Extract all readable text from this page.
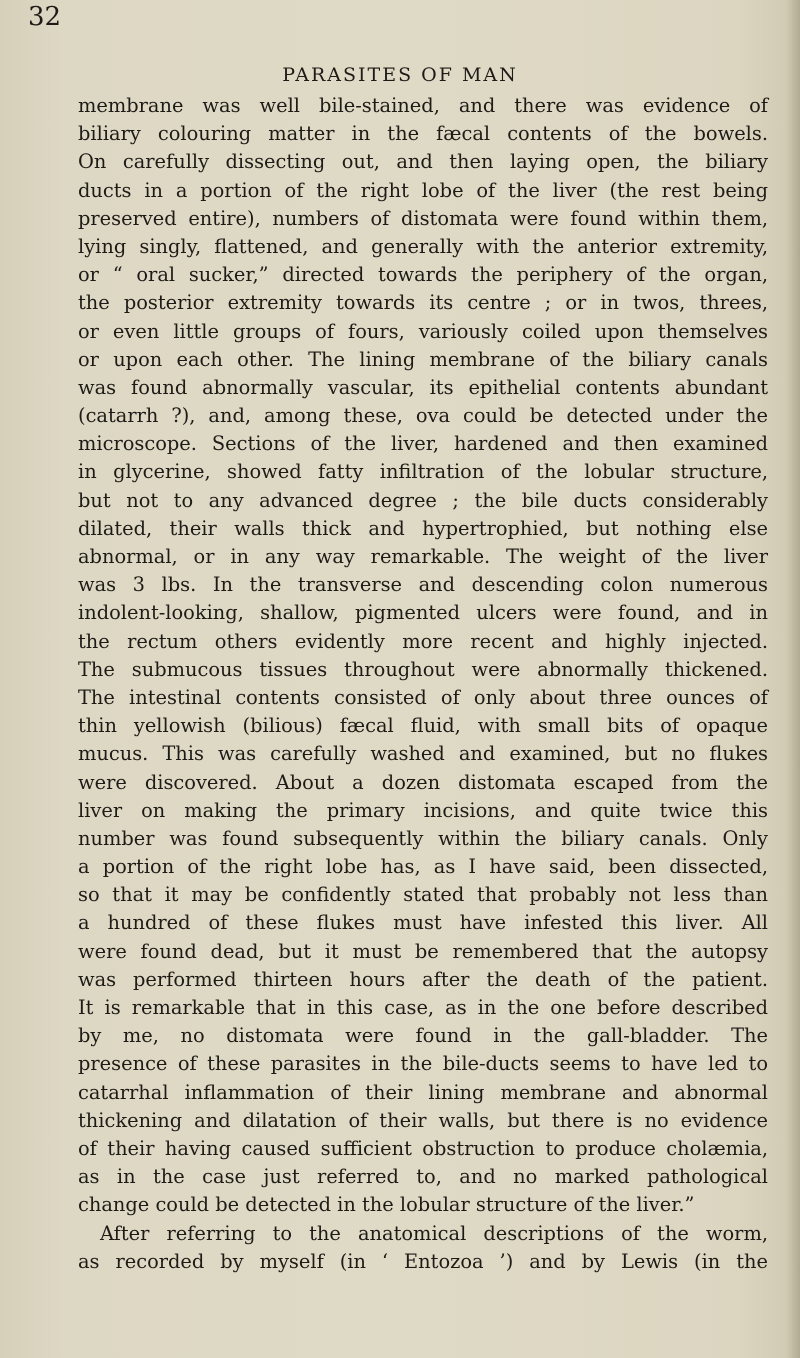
32
PARASITES OF MAN
membrane was well bile-stained, and there was evidence of
biliary colouring matter in the fæcal contents of the bowels.
On carefully dissecting out, and then laying open, the biliary
ducts in a portion of the right lobe of the liver (the rest being
preserved entire), numbers of distomata were found within them,
lying singly, flattened, and generally with the anterior extremity,
or “ oral sucker,” directed towards the periphery of the organ,
the posterior extremity towards its centre ; or in twos, threes,
or even little groups of fours, variously coiled upon themselves
or upon each other. The lining membrane of the biliary canals
was found abnormally vascular, its epithelial contents abundant
(catarrh ?), and, among these, ova could be detected under the
microscope. Sections of the liver, hardened and then examined
in glycerine, showed fatty infiltration of the lobular structure,
but not to any advanced degree ; the bile ducts considerably
dilated, their walls thick and hypertrophied, but nothing else
abnormal, or in any way remarkable. The weight of the liver
was 3 lbs. In the transverse and descending colon numerous
indolent-looking, shallow, pigmented ulcers were found, and in
the rectum others evidently more recent and highly injected.
The submucous tissues throughout were abnormally thickened.
The intestinal contents consisted of only about three ounces of
thin yellowish (bilious) fæcal fluid, with small bits of opaque
mucus. This was carefully washed and examined, but no flukes
were discovered. About a dozen distomata escaped from the
liver on making the primary incisions, and quite twice this
number was found subsequently within the biliary canals. Only
a portion of the right lobe has, as I have said, been dissected,
so that it may be confidently stated that probably not less than
a hundred of these flukes must have infested this liver. All
were found dead, but it must be remembered that the autopsy
was performed thirteen hours after the death of the patient.
It is remarkable that in this case, as in the one before described
by me, no distomata were found in the gall-bladder. The
presence of these parasites in the bile-ducts seems to have led to
catarrhal inflammation of their lining membrane and abnormal
thickening and dilatation of their walls, but there is no evidence
of their having caused sufficient obstruction to produce cholæmia,
as in the case just referred to, and no marked pathological
change could be detected in the lobular structure of the liver.”
After referring to the anatomical descriptions of the worm,
as recorded by myself (in ‘ Entozoa ’) and by Lewis (in the
